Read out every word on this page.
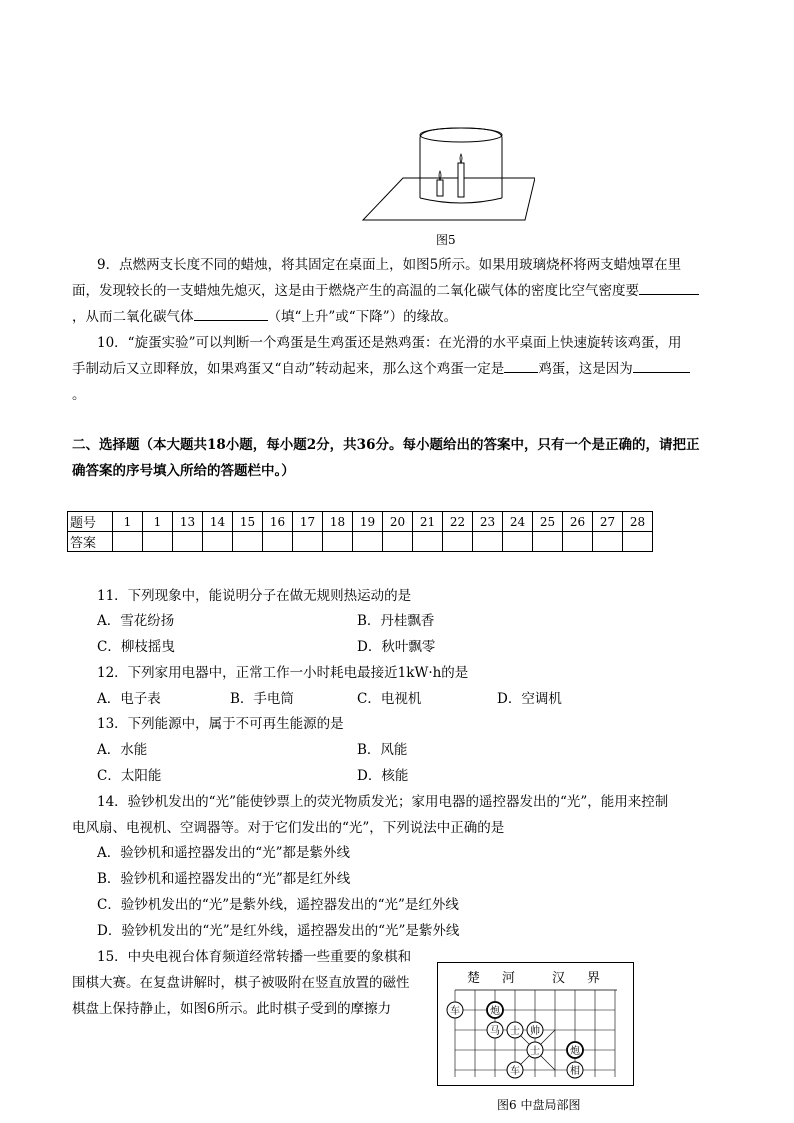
图5
9．点燃两支长度不同的蜡烛，将其固定在桌面上，如图5所示。如果用玻璃烧杯将两支蜡烛罩在里
面，发现较长的一支蜡烛先熄灭，这是由于燃烧产生的高温的二氧化碳气体的密度比空气密度要
，从而二氧化碳气体	（填“上升”或“下降”）的缘故。
10．“旋蛋实验”可以判断一个鸡蛋是生鸡蛋还是熟鸡蛋：在光滑的水平桌面上快速旋转该鸡蛋，用
手制动后又立即释放，如果鸡蛋又“自动”转动起来，那么这个鸡蛋一定是	鸡蛋，这是因为
。
二、选择题（本大题共18小题，每小题2分，共36分。每小题给出的答案中，只有一个是正确的，请把正
确答案的序号填入所给的答题栏中。）
题号	1	1	13	14	15	16	17	18	19	20	21	22	23	24	25	26	27	28
答案																		
11．下列现象中，能说明分子在做无规则热运动的是
A．雪花纷扬	B．丹桂飘香
C．柳枝摇曳	D．秋叶飘零
12．下列家用电器中，正常工作一小时耗电最接近1kW·h的是
A．电子表	B．手电筒	C．电视机	D．空调机
13．下列能源中，属于不可再生能源的是
A．水能	B．风能
C．太阳能	D．核能
14．验钞机发出的“光”能使钞票上的荧光物质发光；家用电器的遥控器发出的“光”，能用来控制
电风扇、电视机、空调器等。对于它们发出的“光”，下列说法中正确的是
A．验钞机和遥控器发出的“光”都是紫外线
B．验钞机和遥控器发出的“光”都是红外线
C．验钞机发出的“光”是紫外线，遥控器发出的“光”是红外线
D．验钞机发出的“光”是红外线，遥控器发出的“光”是紫外线
15．中央电视台体育频道经常转播一些重要的象棋和
围棋大赛。在复盘讲解时，棋子被吸附在竖直放置的磁性
棋盘上保持静止，如图6所示。此时棋子受到的摩擦力
楚 河	汉 界
车	炮
马 士 帅
士	炮
车	相
图6 中盘局部图
